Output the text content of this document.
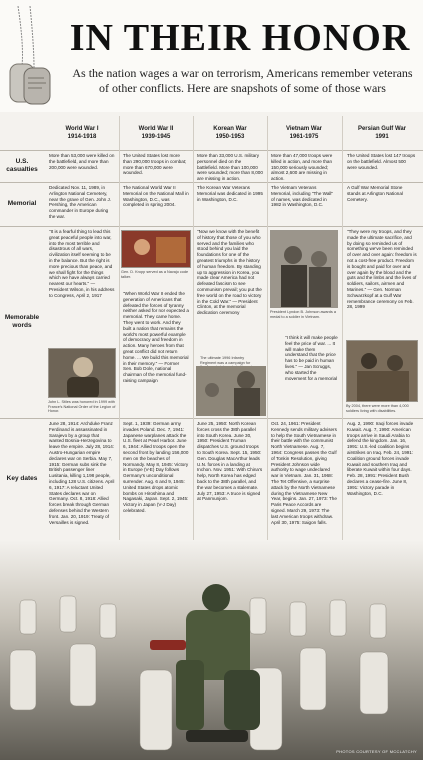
IN THEIR HONOR
As the nation wages a war on terrorism, Americans remember veterans of other conflicts. Here are snapshots of some of those wars
World War I
1914-1918
World War II
1939-1945
Korean War
1950-1953
Vietnam War
1961-1975
Persian Gulf War
1991
U.S. casualties
Memorial
Memorable words
Key dates
More than 53,000 were killed on the battlefield, and more than 200,000 were wounded.
The United States lost more than 290,000 troops in combat; more than 670,000 were wounded.
More than 33,000 U.S. military personnel died on the battlefield. More than 100,000 were wounded; more than 8,000 are missing in action.
More than 47,000 troops were killed in action, and more than 150,000 seriously wounded; almost 2,600 are missing in action.
The United States lost 147 troops on the battlefield. Almost 500 were wounded.
Dedicated Nov. 11, 1989, in Arlington National Cemetery, near the grave of Gen. John J. Pershing, the American commander in Europe during the war.
The National World War II Memorial on the National Mall in Washington, D.C., was completed in spring 2004.
The Korean War Veterans Memorial was dedicated in 1995 in Washington, D.C.
The Vietnam Veterans Memorial, including "The Wall" of names, was dedicated in 1982 in Washington, D.C.
A Gulf War Memorial Stone stands at Arlington National Cemetery.
"It is a fearful thing to lead this great peaceful people into war, into the most terrible and disastrous of all wars, civilization itself seeming to be in the balance. But the right is more precious than peace, and we shall fight for the things which we have always carried nearest our hearts." — President Wilson, in his address to Congress, April 2, 1917
John L. Stiles was honored in 1999 with France's National Order of the Legion of Honor.
Gen. D. Kropp served as a Navajo code talker.
"When World War II ended the generation of Americans that defeated the forces of tyranny neither asked for nor expected a memorial. They came home. They went to work. And they built a nation that remains the world's most powerful example of democracy and freedom in action. Many heroes from that great conflict did not return home. ... We build this memorial in their memory." — Former Sen. Bob Dole, national chairman of the memorial fund-raising campaign
"Now we know with the benefit of history that those of you who served and the families who stood behind you laid the foundations for one of the greatest triumphs in the history of human freedom. By standing up to aggression in Korea, you made clear America had not defeated fascism to see communism prevail; you put the free world on the road to victory in the Cold War." — President Clinton, at the memorial dedication ceremony
The ultimate 1996 Infantry Regiment was a campaign for
President Lyndon B. Johnson awards a medal to a soldier in Vietnam.
"I think it will make people feel the price of war. ... It will make them understand that the price has to be paid in human lives." — Jan Scruggs, who started the movement for a memorial
"They were my troops, and they made the ultimate sacrifice, and by doing so reminded us of something we've been reminded of over and over again: freedom is not a cost-free product. Freedom is bought and paid for over and over again by the blood and the guts and the limbs and the lives of soldiers, sailors, airmen and Marines." — Gen. Norman Schwarzkopf at a Gulf War remembrance ceremony on Feb. 28, 1999
By 2004, there were more than 4,000 soldiers living with disabilities.
PHOTOS COURTESY OF MCCLATCHY
June 28, 1914: Archduke Franz Ferdinand is assassinated in Sarajevo by a group that wanted Bosnia-Herzegovina to leave the empire. July 28, 1914: Austro-Hungarian empire declares war on Serbia. May 7, 1915: German subs sink the British passenger liner Lusitania, killing 1,198 people, including 128 U.S. citizens. April 6, 1917: A reluctant United States declares war on Germany. Oct. 8, 1918: Allied forces break through German defenses behind the Western front. Jan. 20, 1919: Treaty of Versailles is signed.
Sept. 1, 1939: German army invades Poland. Dec. 7, 1941: Japanese warplanes attack the U.S. fleet at Pearl Harbor. June 6, 1944: Allied troops open the second front by landing 156,000 men on the beaches of Normandy. May 8, 1945: Victory in Europe (V-E) Day follows Germany's unconditional surrender. Aug. 6 and 9, 1945: United States drops atomic bombs on Hiroshima and Nagasaki, Japan. Sept. 2, 1945: Victory in Japan (V-J Day) celebrated.
June 25, 1950: North Korean forces cross the 38th parallel into South Korea. June 30, 1950: President Truman dispatches U.S. ground troops to South Korea. Sept. 15, 1950: Gen. Douglas MacArthur leads U.N. forces in a landing at Inchon. Nov. 1951: With China's help, North Korea has edged back to the 38th parallel, and the war becomes a stalemate. July 27, 1953: A truce is signed at Panmunjom.
Oct. 24, 1961: President Kennedy sends military advisers to help the South Vietnamese in their battle with the communist North Vietnamese. Aug. 7, 1964: Congress passes the Gulf of Tonkin Resolution, giving President Johnson wide authority to wage undeclared war in Vietnam. Jan. 31, 1968: The Tet Offensive, a surprise attack by the North Vietnamese during the Vietnamese New Year, begins. Jan. 27, 1973: The Paris Peace Accords are signed. March 29, 1973: The last American troops withdraw. April 30, 1975: Saigon falls.
Aug. 2, 1990: Iraqi forces invade Kuwait. Aug. 7, 1990: American troops arrive in Saudi Arabia to defend the kingdom. Jan. 16, 1991: U.S.-led coalition begins airstrikes on Iraq. Feb. 24, 1991: Coalition ground forces invade Kuwait and southern Iraq and liberate Kuwait within four days. Feb. 28, 1991: President Bush declares a cease-fire. June 8, 1991: Victory parade in Washington, D.C.
